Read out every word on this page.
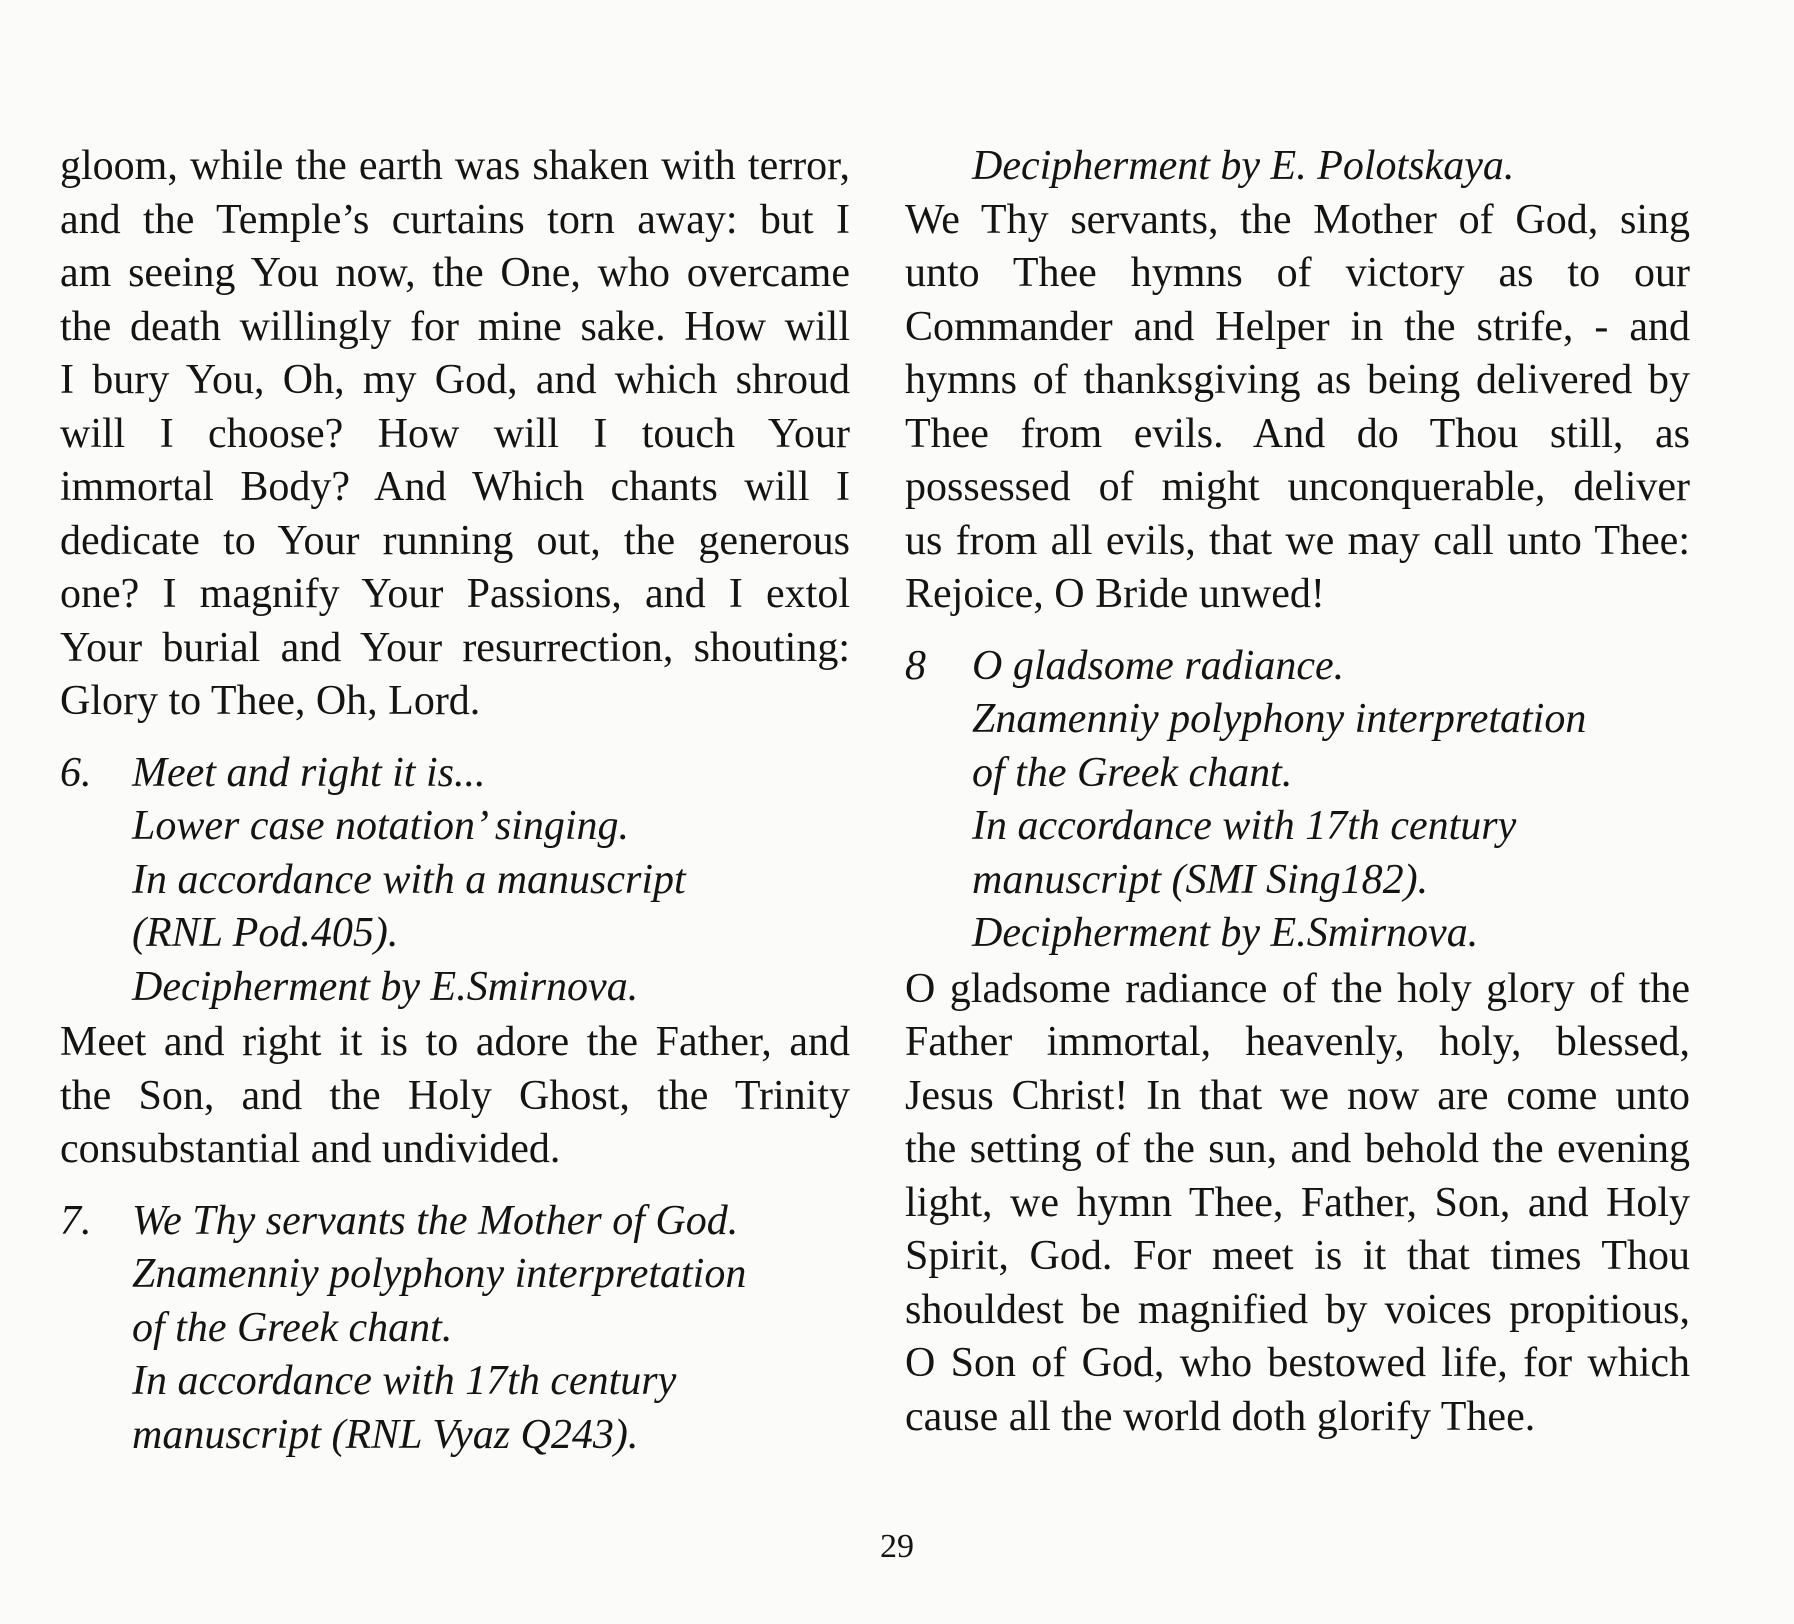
gloom, while the earth was shaken with terror,
and the Temple’s curtains torn away: but I
am seeing You now, the One, who overcame
the death willingly for mine sake. How will
I bury You, Oh, my God, and which shroud
will I choose? How will I touch Your
immortal Body? And Which chants will I
dedicate to Your running out, the generous
one? I magnify Your Passions, and I extol
Your burial and Your resurrection, shouting:
Glory to Thee, Oh, Lord.
6. Meet and right it is...
Lower case notation’ singing.
In accordance with a manuscript
(RNL Pod.405).
Decipherment by E.Smirnova.
Meet and right it is to adore the Father, and
the Son, and the Holy Ghost, the Trinity
consubstantial and undivided.
7. We Thy servants the Mother of God.
Znamenniy polyphony interpretation
of the Greek chant.
In accordance with 17th century
manuscript (RNL Vyaz Q243).
Decipherment by E. Polotskaya.
We Thy servants, the Mother of God, sing
unto Thee hymns of victory as to our
Commander and Helper in the strife, - and
hymns of thanksgiving as being delivered by
Thee from evils. And do Thou still, as
possessed of might unconquerable, deliver
us from all evils, that we may call unto Thee:
Rejoice, O Bride unwed!
8 O gladsome radiance.
Znamenniy polyphony interpretation
of the Greek chant.
In accordance with 17th century
manuscript (SMI Sing182).
Decipherment by E.Smirnova.
O gladsome radiance of the holy glory of the
Father immortal, heavenly, holy, blessed,
Jesus Christ! In that we now are come unto
the setting of the sun, and behold the evening
light, we hymn Thee, Father, Son, and Holy
Spirit, God. For meet is it that times Thou
shouldest be magnified by voices propitious,
O Son of God, who bestowed life, for which
cause all the world doth glorify Thee.
29
